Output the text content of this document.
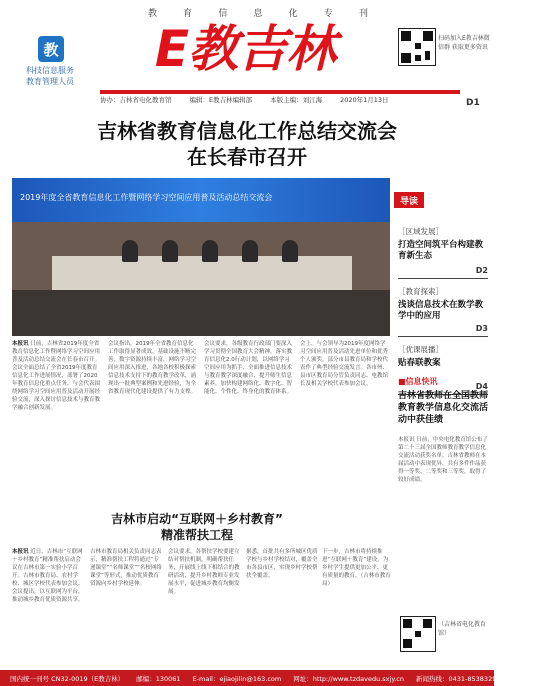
教	育	信	息	化	专	刊
教
科技信息服务
教育管理人员
E教吉林	扫码加入E教吉林微信群 获取更多资讯
D1
协办：吉林省电化教育馆	编辑：E教吉林编辑部	本版主编：刘江海	2020年1月13日
吉林省教育信息化工作总结交流会
在长春市召开
2019年度全省教育信息化工作暨网络学习空间应用普及活动总结交流会
本报讯 日前，吉林省2019年度全省教育信息化工作暨网络学习空间应用普及活动总结交流会在长春市召开。会议全面总结了全省2019年度教育信息化工作进展情况，部署了2020年教育信息化重点任务。与会代表围绕网络学习空间应用普及活动开展经验交流，深入探讨信息技术与教育教学融合创新发展。
会议指出，2019年全省教育信息化工作取得显著成效，基础设施不断完善，数字资源持续丰富，网络学习空间应用深入推进，各地各校积极探索信息技术支持下的教育教学改革，涌现出一批典型案例和先进经验，为全省教育现代化建设提供了有力支撑。
会议要求，各级教育行政部门要深入学习贯彻全国教育大会精神，落实教育信息化2.0行动计划，以网络学习空间应用为抓手，全面推进信息技术与教育教学深度融合，提升师生信息素养，加快构建网络化、数字化、智能化、个性化、终身化的教育体系。
会上，与会领导为2019年度网络学习空间应用普及活动先进单位和优秀个人颁奖。部分市县教育局和学校代表作了典型经验交流发言。各市州、县市区教育局分管负责同志、电教馆长及相关学校代表参加会议。
导读
［区域发展］
打造空间筑平台构建教育新生态
D2
［教育探索］
浅谈信息技术在数学教学中的应用
D3
［优课展播］
贴春联教案
D4
■信息快讯
吉林省教师在全国教师教育教学信息化交流活动中获佳绩
本报讯 日前，中央电化教育馆公布了第二十三届全国教师教育教学信息化交流活动获奖名单。吉林省教师在本届活动中表现优异，共有多件作品获得一等奖、二等奖和三等奖，取得了较好成绩。
（吉林省电化教育馆）
吉林市启动“互联网＋乡村教育”
精准帮扶工程
本报讯 近日，吉林市“互联网＋乡村教育”精准帮扶启动会议在吉林市第一实验小学召开。吉林市教育局、农村学校、城区学校代表参加会议。会议提出，以互联网为平台，推动城乡教育优质资源共享。
吉林市教育局相关负责同志表示，精准帮扶工程将通过“专递课堂”“名师课堂”“名校网络课堂”等形式，推动优质教育资源向乡村学校延伸。
会议要求，各帮扶学校要建立结对帮扶机制，明确帮扶任务，开展线上线下相结合的教研活动，提升乡村教师专业发展水平，促进城乡教育均衡发展。
据悉，首批共有多所城区优质学校与乡村学校结对，覆盖全市各县市区，实现乡村学校帮扶全覆盖。
下一步，吉林市将持续推进“互联网＋教育”建设，为乡村学生提供更加公平、更有质量的教育。（吉林市教育局）
国内统一刊号 CN32-0019（E教吉林） 邮编：130061 E-mail：ejiaojilin@163.com 网址：http://www.tzdavedu.sxjy.cn 新闻热线：0431-85383297 0431-81876388
